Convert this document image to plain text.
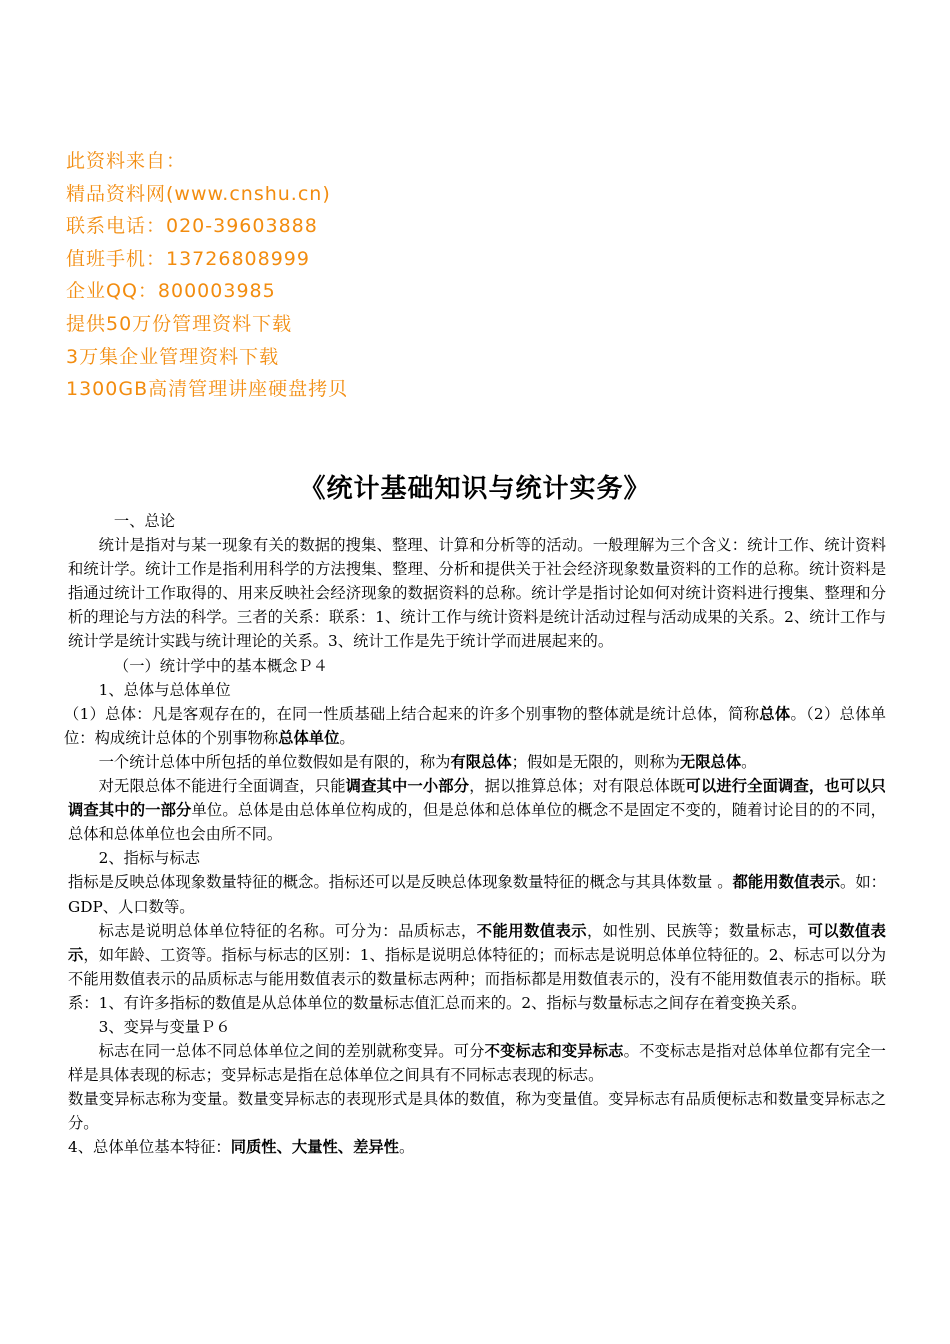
此资料来自：
精品资料网(www.cnshu.cn)
联系电话：020-39603888
值班手机：13726808999
企业QQ：800003985
提供50万份管理资料下载
3万集企业管理资料下载
1300GB高清管理讲座硬盘拷贝
《统计基础知识与统计实务》

一、总论

统计是指对与某一现象有关的数据的搜集、整理、计算和分析等的活动。一般理解为三个含义：统计工作、统计资料和统计学。统计工作是指利用科学的方法搜集、整理、分析和提供关于社会经济现象数量资料的工作的总称。统计资料是指通过统计工作取得的、用来反映社会经济现象的数据资料的总称。统计学是指讨论如何对统计资料进行搜集、整理和分析的理论与方法的科学。三者的关系：联系：1、统计工作与统计资料是统计活动过程与活动成果的关系。2、统计工作与统计学是统计实践与统计理论的关系。3、统计工作是先于统计学而进展起来的。

（一）统计学中的基本概念Ｐ４

1、总体与总体单位

（1）总体：凡是客观存在的，在同一性质基础上结合起来的许多个别事物的整体就是统计总体，简称总体。（2）总体单位：构成统计总体的个别事物称总体单位。

一个统计总体中所包括的单位数假如是有限的，称为有限总体；假如是无限的，则称为无限总体。

对无限总体不能进行全面调查，只能调查其中一小部分，据以推算总体；对有限总体既可以进行全面调查，也可以只调查其中的一部分单位。总体是由总体单位构成的，但是总体和总体单位的概念不是固定不变的，随着讨论目的的不同，总体和总体单位也会由所不同。

2、指标与标志

指标是反映总体现象数量特征的概念。指标还可以是反映总体现象数量特征的概念与其具体数量 。都能用数值表示。如：GDP、人口数等。

标志是说明总体单位特征的名称。可分为：品质标志，不能用数值表示，如性别、民族等；数量标志，可以数值表示，如年龄、工资等。指标与标志的区别：1、指标是说明总体特征的；而标志是说明总体单位特征的。2、标志可以分为不能用数值表示的品质标志与能用数值表示的数量标志两种；而指标都是用数值表示的，没有不能用数值表示的指标。联系：1、有许多指标的数值是从总体单位的数量标志值汇总而来的。2、指标与数量标志之间存在着变换关系。

3、变异与变量Ｐ６

标志在同一总体不同总体单位之间的差别就称变异。可分不变标志和变异标志。不变标志是指对总体单位都有完全一样是具体表现的标志；变异标志是指在总体单位之间具有不同标志表现的标志。

数量变异标志称为变量。数量变异标志的表现形式是具体的数值，称为变量值。变异标志有品质便标志和数量变异标志之分。

4、总体单位基本特征：同质性、大量性、差异性。
